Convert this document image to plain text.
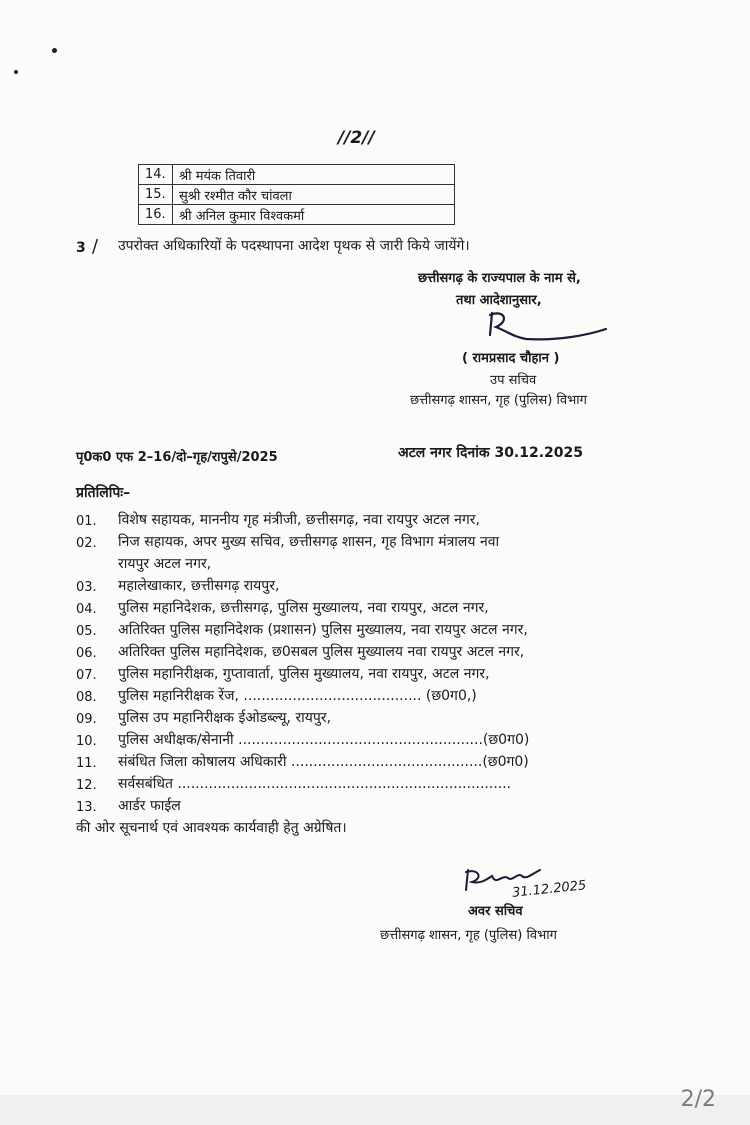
//2//
14.	श्री मयंक तिवारी
15.	सुश्री रश्मीत कौर चांवला
16.	श्री अनिल कुमार विश्वकर्मा
3 / उपरोक्त अधिकारियों के पदस्थापना आदेश पृथक से जारी किये जायेंगे।
छत्तीसगढ़ के राज्यपाल के नाम से,
तथा आदेशानुसार,
( रामप्रसाद चौहान )
उप सचिव
छत्तीसगढ़ शासन, गृह (पुलिस) विभाग
पृ0क0 एफ 2–16/दो–गृह/रापुसे/2025	अटल नगर दिनांक 30.12.2025
प्रतिलिपिः–
01. विशेष सहायक, माननीय गृह मंत्रीजी, छत्तीसगढ़, नवा रायपुर अटल नगर,
02. निज सहायक, अपर मुख्य सचिव, छत्तीसगढ़ शासन, गृह विभाग मंत्रालय नवा
रायपुर अटल नगर,
03. महालेखाकार, छत्तीसगढ़ रायपुर,
04. पुलिस महानिदेशक, छत्तीसगढ़, पुलिस मुख्यालय, नवा रायपुर, अटल नगर,
05. अतिरिक्त पुलिस महानिदेशक (प्रशासन) पुलिस मुख्यालय, नवा रायपुर अटल नगर,
06. अतिरिक्त पुलिस महानिदेशक, छ0सबल पुलिस मुख्यालय नवा रायपुर अटल नगर,
07. पुलिस महानिरीक्षक, गुप्तावार्ता, पुलिस मुख्यालय, नवा रायपुर, अटल नगर,
08. पुलिस महानिरीक्षक रेंज, ........................................ (छ0ग0,)
09. पुलिस उप महानिरीक्षक ईओडब्ल्यू, रायपुर,
10. पुलिस अधीक्षक/सेनानी .......................................................(छ0ग0)
11. संबंधित जिला कोषालय अधिकारी ...........................................(छ0ग0)
12. सर्वसबंधित ...........................................................................
13. आर्डर फाईल
की ओर सूचनार्थ एवं आवश्यक कार्यवाही हेतु अग्रेषित।
31.12.2025
अवर सचिव
छत्तीसगढ़ शासन, गृह (पुलिस) विभाग
2/2
